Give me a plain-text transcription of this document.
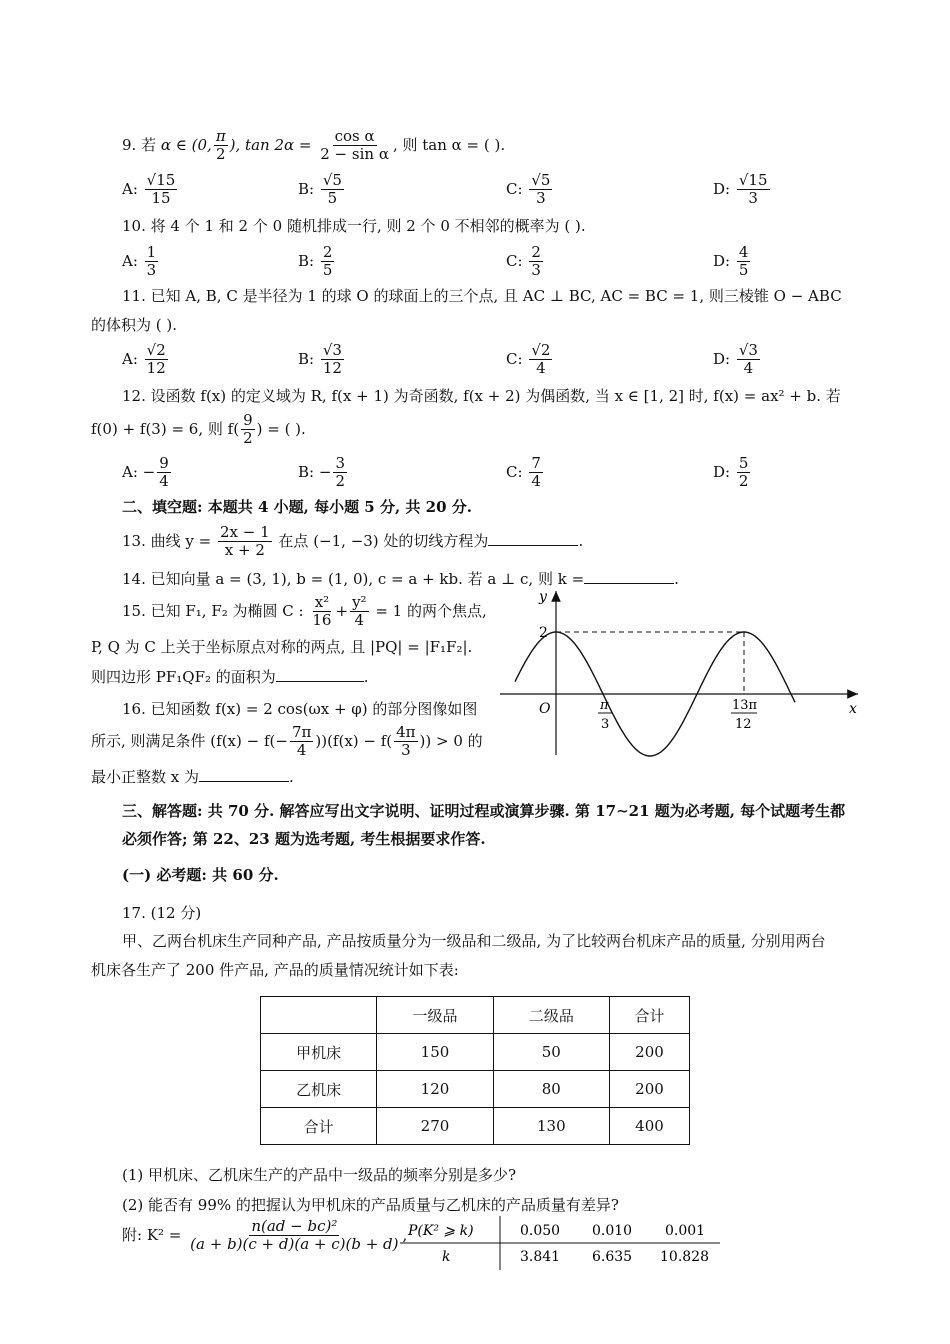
9. 若 α ∈ (0, $\frac{\pi}{2}$ ), $\tan 2\alpha = \frac{\text{cos α}}{\text{2 − sin α}}$ , 则 tan α = ( ).
A: $\frac{√15}{15}$	B: $\frac{√5}{5}$	C: $\frac{√5}{3}$	D: $\frac{√15}{3}$
10. 将 4 个 1 和 2 个 0 随机排成一行, 则 2 个 0 不相邻的概率为 ( ).
A: $\frac{1}{3}$	B: $\frac{2}{5}$	C: $\frac{2}{3}$	D: $\frac{4}{5}$
11. 已知 A, B, C 是半径为 1 的球 O 的球面上的三个点, 且 AC ⊥ BC, AC = BC = 1, 则三棱锥 O − ABC
的体积为 ( ).
A: $\frac{√2}{12}$	B: $\frac{√3}{12}$	C: $\frac{√2}{4}$	D: $\frac{√3}{4}$
12. 设函数 f(x) 的定义域为 R, f(x + 1) 为奇函数, f(x + 2) 为偶函数, 当 x ∈ [1, 2] 时, f(x) = ax² + b. 若
f(0) + f(3) = 6, 则 $f( \frac{9}{2}$ ) = ( ).
A: − $\frac{9}{4}$	B: − $\frac{3}{2}$	C: $\frac{7}{4}$	D: $\frac{5}{2}$
二、填空题: 本题共 4 小题, 每小题 5 分, 共 20 分.
13. 曲线 $y = \frac{2x - 1}{x + 2}$ 在点 (−1, −3) 处的切线方程为	.
14. 已知向量 a = (3, 1), b = (1, 0), c = a + kb. 若 a ⊥ c, 则 k =	.
15. 已知 F₁, F₂ 为椭圆 C : $\frac{\text{x²}}{16} + \frac{\text{y²}}{4} = 1$ 的两个焦点,
P, Q 为 C 上关于坐标原点对称的两点, 且 |PQ| = |F₁F₂|.
则四边形 PF₁QF₂ 的面积为	.
16. 已知函数 f(x) = 2 cos(ωx + φ) 的部分图像如图
所示, 则满足条件 $(f(x) - f(- \frac{7\pi}{4} ))(f(x) - f( \frac{4\pi}{3}$ )) > 0 的
最小正整数 x 为	.
y
x
O
2
π
3
13π
12
三、解答题: 共 70 分. 解答应写出文字说明、证明过程或演算步骤. 第 17∼21 题为必考题, 每个试题考生都
必须作答; 第 22、23 题为选考题, 考生根据要求作答.
(一) 必考题: 共 60 分.
17. (12 分)
甲、乙两台机床生产同种产品, 产品按质量分为一级品和二级品, 为了比较两台机床产品的质量, 分别用两台
机床各生产了 200 件产品, 产品的质量情况统计如下表:
	一级品	二级品	合计
甲机床	150	50	200
乙机床	120	80	200
合计	270	130	400
(1) 甲机床、乙机床生产的产品中一级品的频率分别是多少?
(2) 能否有 99% 的把握认为甲机床的产品质量与乙机床的产品质量有差异?
附: $K^2 = \frac{\text{n(ad − bc)²}}{(a + b)(c + d)(a + c)(b + d)}$ , P(K² ⩾ k)	0.050 0.010 0.001
k	3.841 6.635 10.828
